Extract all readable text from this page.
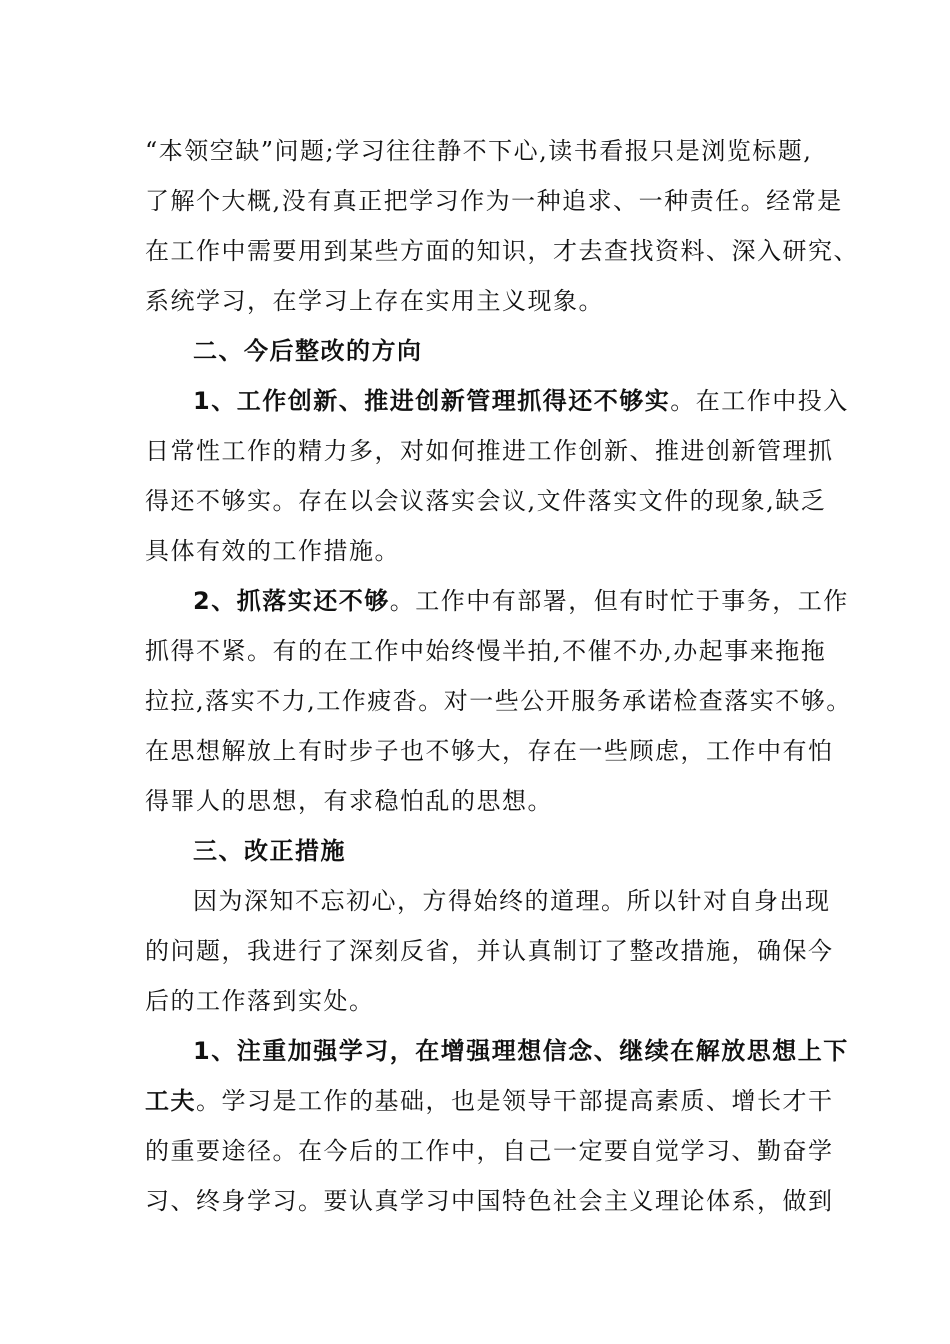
“本领空缺”问题;学习往往静不下心,读书看报只是浏览标题,
了解个大概,没有真正把学习作为一种追求、一种责任。经常是
在工作中需要用到某些方面的知识，才去查找资料、深入研究、
系统学习，在学习上存在实用主义现象。
二、今后整改的方向
1、工作创新、推进创新管理抓得还不够实。在工作中投入
日常性工作的精力多，对如何推进工作创新、推进创新管理抓
得还不够实。存在以会议落实会议,文件落实文件的现象,缺乏
具体有效的工作措施。
2、抓落实还不够。工作中有部署，但有时忙于事务，工作
抓得不紧。有的在工作中始终慢半拍,不催不办,办起事来拖拖
拉拉,落实不力,工作疲沓。对一些公开服务承诺检查落实不够。
在思想解放上有时步子也不够大，存在一些顾虑，工作中有怕
得罪人的思想，有求稳怕乱的思想。
三、改正措施
因为深知不忘初心，方得始终的道理。所以针对自身出现
的问题，我进行了深刻反省，并认真制订了整改措施，确保今
后的工作落到实处。
1、注重加强学习，在增强理想信念、继续在解放思想上下
工夫。学习是工作的基础，也是领导干部提高素质、增长才干
的重要途径。在今后的工作中，自己一定要自觉学习、勤奋学
习、终身学习。要认真学习中国特色社会主义理论体系，做到
